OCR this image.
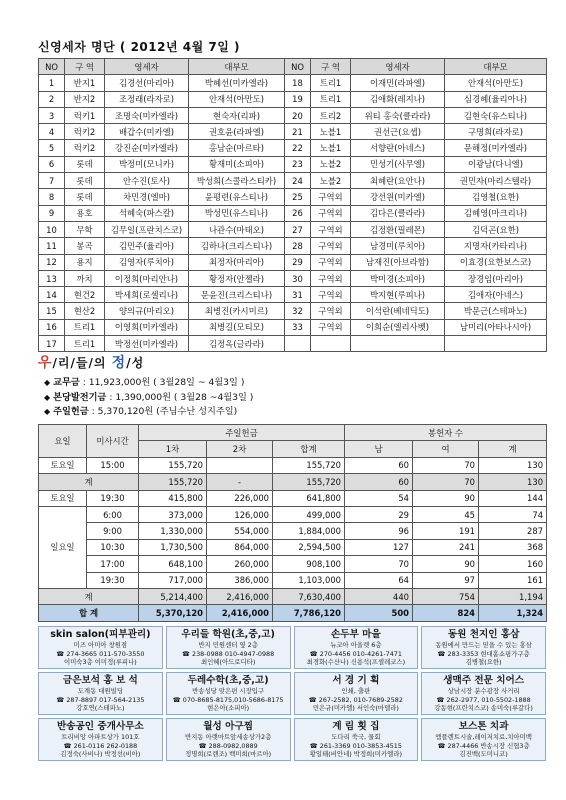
신영세자 명단 ( 2012년 4월 7일 )
NO	구 역	영세자	대부모	NO	구 역	영세자	대부모
1	반지1	김경선(마리아)	박혜선(미카엘라)	18	트리1	이재민(라파엘)	안재석(아만도)
2	반지2	조정래(라자로)	안재석(아만도)	19	트리1	김애화(레지나)	심경혜(율리아나)
3	럭키1	조명숙(미카엘라)	현숙자(리파)	20	트리2	위티 홍숙(클라라)	김현숙(유스티나)
4	럭키2	배갑수(미카엘)	권호윤(라파엘)	21	노블1	권선근(요셉)	구명희(라자로)
5	럭키2	강진순(미카엘라)	홍남순(마르타)	22	노블1	서향란(아네스)	문해정(미카엘라)
6	롯데	박정미(모니카)	황재미(소피아)	23	노블2	민성기(사무엘)	이광남(다니엘)
7	롯데	안수진(토사)	박성희(스콜라스티카)	24	노블2	최혜란(요안나)	권민자(마리스텔라)
8	롯데	차민경(엘마)	윤평련(유스티나)	25	구역외	강선원(미카엘)	김영철(요한)
9	용호	석혜숙(파스칼)	박성민(유스티나)	26	구역외	김다은(클라라)	김혜영(마크리나)
10	무학	김무일(프란치스코)	나관수(마태오)	27	구역외	김정환(필레몬)	김덕곤(요한)
11	봉곡	김민주(율리아)	김하나(크리스티나)	28	구역외	남경미(루치아)	지명자(카타리나)
12	용지	김영자(루치아)	최정자(마리아)	29	구역외	남재진(아브라함)	이효경(요한보스코)
13	까치	이정희(마리안나)	황정자(안젤라)	30	구역외	박미경(소피아)	장경임(마리아)
14	현건2	박세희(로셀리나)	문윤진(크리스티나)	31	구역외	박지현(루피나)	김애자(아네스)
15	현산2	양의규(마리오)	최병진(카시미르)	32	구역외	이석란(베네딕도)	박문근(스테파노)
16	트리1	이영희(미카엘라)	최병길(모티모)	33	구역외	이희순(엘리사벳)	남미리(아타나시아)
17	트리1	박정선(미카엘라)	김정옥(글라라)				
우/리/들/의 정/성
◆ 교무금 : 11,923,000원 ( 3월28일 ~ 4월3일 )
◆ 본당발전기금 : 1,390,000원 ( 3월28 ~4월3일 )
◆ 주일헌금 : 5,370,120원 (주님수난 성지주일)
요일	미사시간	주일헌금			봉헌자 수		
		1차	2차	합계	남	여	계
토요일	15:00	155,720		155,720	60	70	130
계		155,720	-	155,720	60	70	130
토요일	19:30	415,800	226,000	641,800	54	90	144
일요일	6:00	373,000	126,000	499,000	29	45	74
	9:00	1,330,000	554,000	1,884,000	96	191	287
	10:30	1,730,500	864,000	2,594,500	127	241	368
	17:00	648,100	260,000	908,100	70	90	160
	19:30	717,000	386,000	1,103,000	64	97	161
계		5,214,400	2,416,000	7,630,400	440	754	1,194
합 계		5,370,120	2,416,000	7,786,120	500	824	1,324
skin salon(피부관리)
미즈 아미아 창원점
☎ 274-3665 011-570-3550
이미숙3층 이미정(루피나)
우리들 학원(초,중,고)
반지 민원센터 옆 2층
☎ 238-0988 010-4947-0988
최인혜(아드로디타)
손두부 마을
뉴코아 아울렛 6층
☎ 270-4456 010-4261-7471
최경화(수산나) 신용석(프셀레코스)
동원 천지인 홍삼
동원에서 만드는 믿을 수 있는 홍삼
☎ 283-3353 현대홈쇼핑가구층
김병철(요한)
금은보석 홍 보 석
도계동 대원빌딩
☎ 287-8897 017-564-2135
강호연(스테파노)
두레수학(초,중,고)
반송성당 맞은편 시장입구
☎ 070-8685-8175,010-5686-8175
현은아(소피아)
서 경 기 획
인쇄, 출판
☎ 267-2582, 010-7689-2582
민은규(미카엘) 서인숙(마델라)
생맥주 전문 치어스
상남시장 분수광장 사거리
☎ 262-2977, 010-5502-1888
강동현(프란치스코) 송미숙(루갈다)
반송공인 중개사무소
트리비앙 아파트상가 101호
☎ 261-0116 262-0188
김정숙(사비나) 박정선(비아)
월성 아구찜
반지동 아랫마트앞세송상가2층
☎ 288-0982,0889
정명희(로렌조) 백미희(마르아)
계 림 횟 집
도다리 쑥국, 물회
☎ 261-3369 010-3853-4515
황일태(비안네) 박정희(미카엘라)
보스톤 치과
엠플렌트시술,레이저치료,치아미백
☎ 287-4466 반송시장 신협3층
김진백(도미니코)
